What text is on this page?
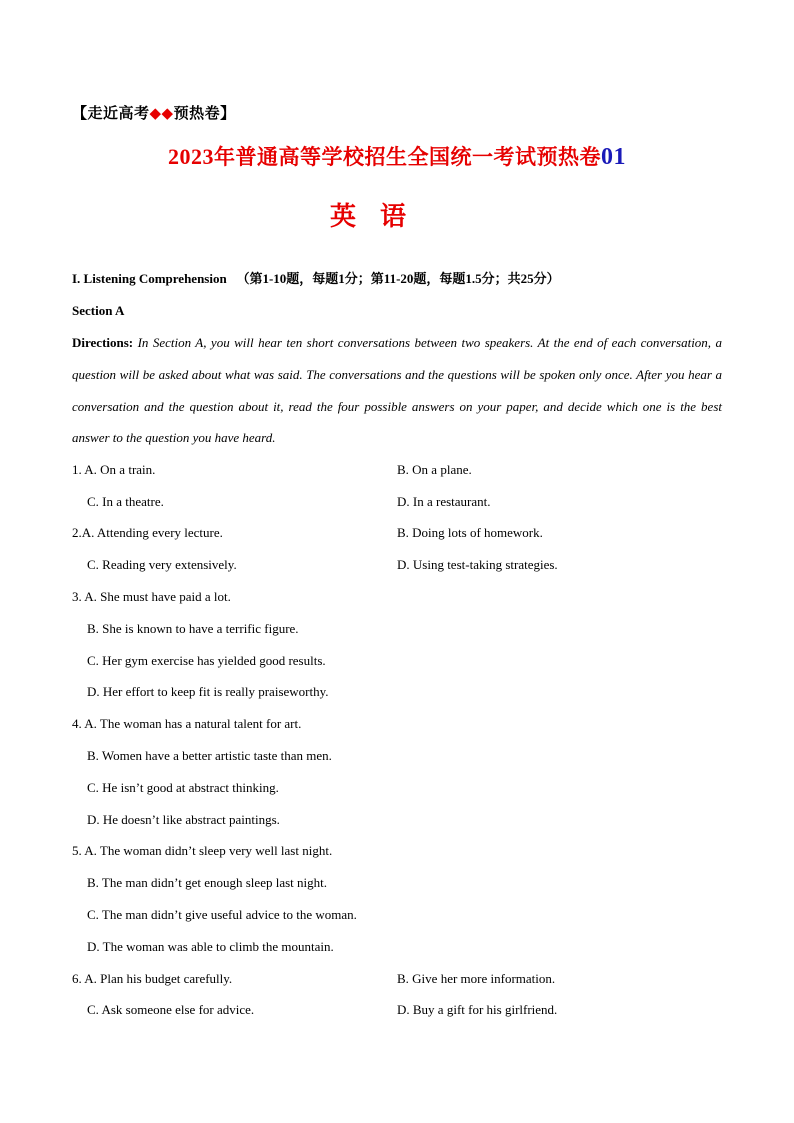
【走近高考◆◆预热卷】
2023年普通高等学校招生全国统一考试预热卷01
英语
I. Listening Comprehension （第1-10题，每题1分；第11-20题，每题1.5分；共25分）
Section A
Directions: In Section A, you will hear ten short conversations between two speakers. At the end of each conversation, a question will be asked about what was said. The conversations and the questions will be spoken only once. After you hear a conversation and the question about it, read the four possible answers on your paper, and decide which one is the best answer to the question you have heard.
1. A. On a train.	B. On a plane.
C. In a theatre.	D. In a restaurant.
2.A. Attending every lecture.	B. Doing lots of homework.
C. Reading very extensively.	D. Using test-taking strategies.
3. A. She must have paid a lot.
B. She is known to have a terrific figure.
C. Her gym exercise has yielded good results.
D. Her effort to keep fit is really praiseworthy.
4. A. The woman has a natural talent for art.
B. Women have a better artistic taste than men.
C. He isn’t good at abstract thinking.
D. He doesn’t like abstract paintings.
5. A. The woman didn’t sleep very well last night.
B. The man didn’t get enough sleep last night.
C. The man didn’t give useful advice to the woman.
D. The woman was able to climb the mountain.
6. A. Plan his budget carefully.	B. Give her more information.
C. Ask someone else for advice.	D. Buy a gift for his girlfriend.
